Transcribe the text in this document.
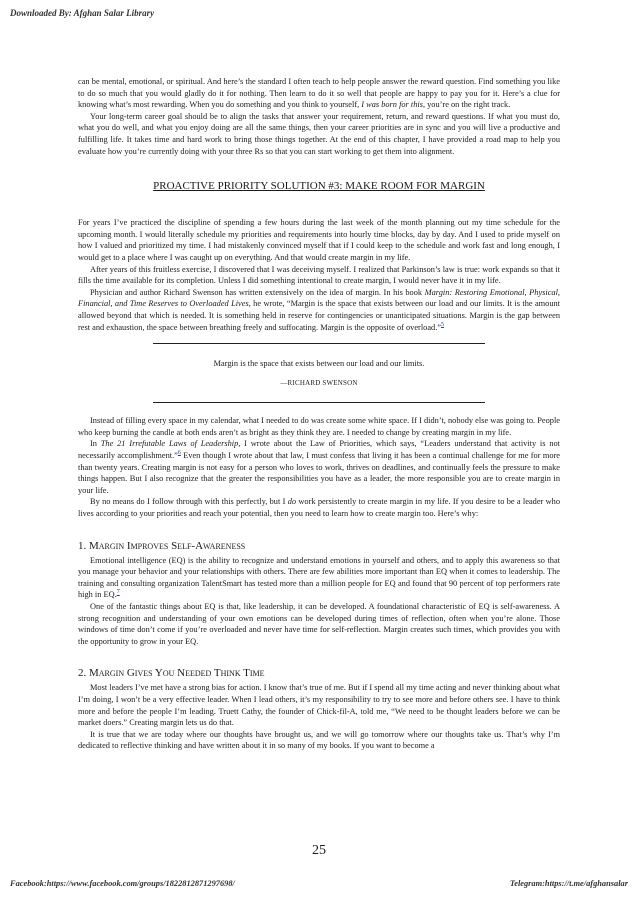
Downloaded By: Afghan Salar Library

can be mental, emotional, or spiritual. And here’s the standard I often teach to help people answer the reward question. Find something you like to do so much that you would gladly do it for nothing. Then learn to do it so well that people are happy to pay you for it. Here’s a clue for knowing what’s most rewarding. When you do something and you think to yourself, I was born for this, you’re on the right track.

Your long-term career goal should be to align the tasks that answer your requirement, return, and reward questions. If what you must do, what you do well, and what you enjoy doing are all the same things, then your career priorities are in sync and you will live a productive and fulfilling life. It takes time and hard work to bring those things together. At the end of this chapter, I have provided a road map to help you evaluate how you’re currently doing with your three Rs so that you can start working to get them into alignment.

PROACTIVE PRIORITY SOLUTION #3: MAKE ROOM FOR MARGIN

For years I’ve practiced the discipline of spending a few hours during the last week of the month planning out my time schedule for the upcoming month. I would literally schedule my priorities and requirements into hourly time blocks, day by day. And I used to pride myself on how I valued and prioritized my time. I had mistakenly convinced myself that if I could keep to the schedule and work fast and long enough, I would get to a place where I was caught up on everything. And that would create margin in my life.

After years of this fruitless exercise, I discovered that I was deceiving myself. I realized that Parkinson’s law is true: work expands so that it fills the time available for its completion. Unless I did something intentional to create margin, I would never have it in my life.

Physician and author Richard Swenson has written extensively on the idea of margin. In his book Margin: Restoring Emotional, Physical, Financial, and Time Reserves to Overloaded Lives, he wrote, “Margin is the space that exists between our load and our limits. It is the amount allowed beyond that which is needed. It is something held in reserve for contingencies or unanticipated situations. Margin is the gap between rest and exhaustion, the space between breathing freely and suffocating. Margin is the opposite of overload.”$^5$

Margin is the space that exists between our load and our limits.
—RICHARD SWENSON

Instead of filling every space in my calendar, what I needed to do was create some white space. If I didn’t, nobody else was going to. People who keep burning the candle at both ends aren’t as bright as they think they are. I needed to change by creating margin in my life.

In The 21 Irrefutable Laws of Leadership, I wrote about the Law of Priorities, which says, “Leaders understand that activity is not necessarily accomplishment.”$^6$ Even though I wrote about that law, I must confess that living it has been a continual challenge for me for more than twenty years. Creating margin is not easy for a person who loves to work, thrives on deadlines, and continually feels the pressure to make things happen. But I also recognize that the greater the responsibilities you have as a leader, the more responsible you are to create margin in your life.

By no means do I follow through with this perfectly, but I do work persistently to create margin in my life. If you desire to be a leader who lives according to your priorities and reach your potential, then you need to learn how to create margin too. Here’s why:

1. Margin Improves Self-Awareness

Emotional intelligence (EQ) is the ability to recognize and understand emotions in yourself and others, and to apply this awareness so that you manage your behavior and your relationships with others. There are few abilities more important than EQ when it comes to leadership. The training and consulting organization TalentSmart has tested more than a million people for EQ and found that 90 percent of top performers rate high in EQ.$^7$

One of the fantastic things about EQ is that, like leadership, it can be developed. A foundational characteristic of EQ is self-awareness. A strong recognition and understanding of your own emotions can be developed during times of reflection, often when you’re alone. Those windows of time don’t come if you’re overloaded and never have time for self-reflection. Margin creates such times, which provides you with the opportunity to grow in your EQ.

2. Margin Gives You Needed Think Time

Most leaders I’ve met have a strong bias for action. I know that’s true of me. But if I spend all my time acting and never thinking about what I’m doing, I won’t be a very effective leader. When I lead others, it’s my responsibility to try to see more and before others see. I have to think more and before the people I’m leading. Truett Cathy, the founder of Chick-fil-A, told me, “We need to be thought leaders before we can be market doers.” Creating margin lets us do that.

It is true that we are today where our thoughts have brought us, and we will go tomorrow where our thoughts take us. That’s why I’m dedicated to reflective thinking and have written about it in so many of my books. If you want to become a

25
Facebook:https://www.facebook.com/groups/1822812871297698/	Telegram:https://t.me/afghansalar
